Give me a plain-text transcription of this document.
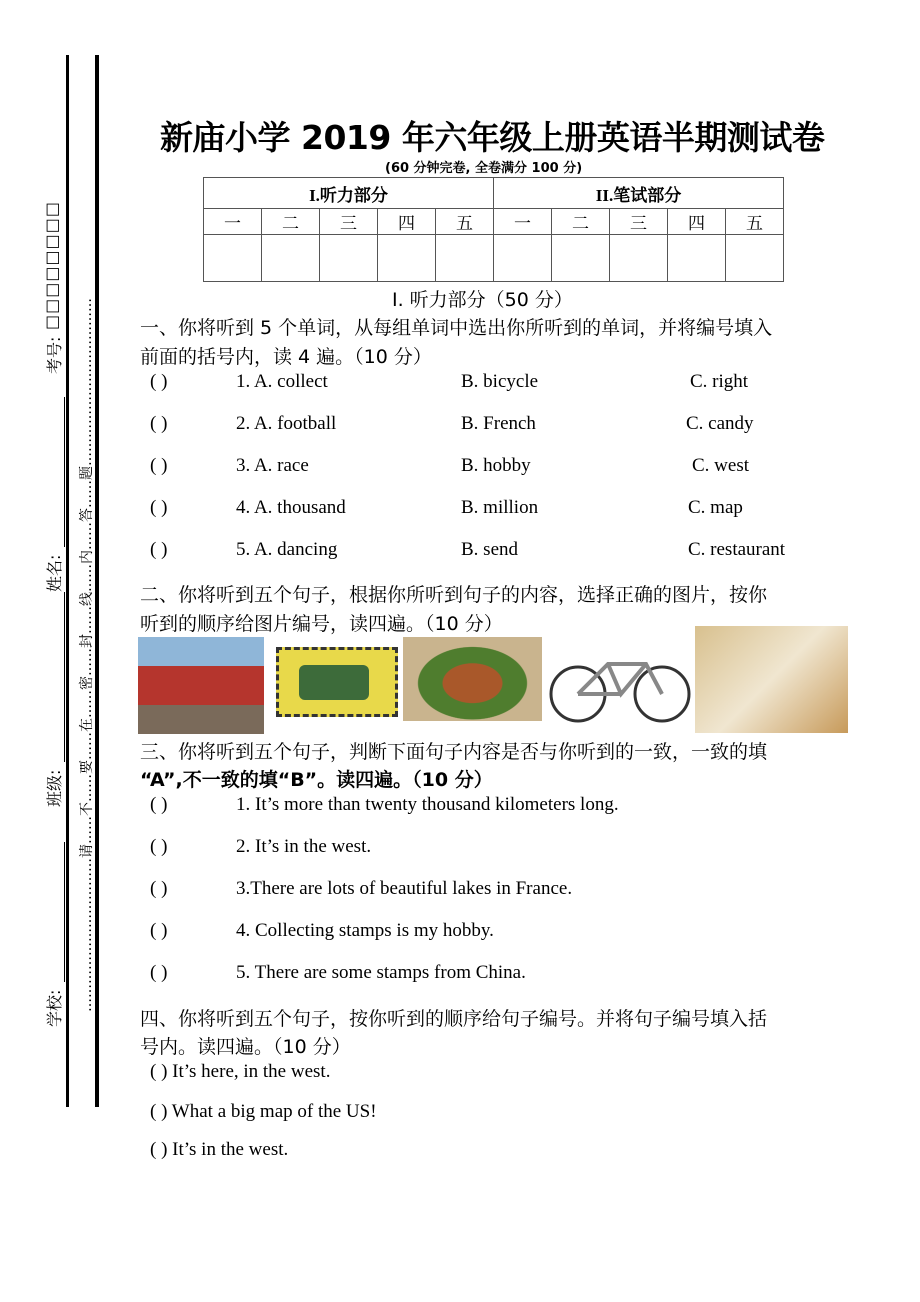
学校:
班级:
姓名:
考号:
□□□□□□□□
……………………………请……不……要……在……密……封……线……内……答……题………………………………
新庙小学 2019 年六年级上册英语半期测试卷
(60 分钟完卷, 全卷满分 100 分)
I.听力部分					II.笔试部分				
一	二	三	四	五	一	二	三	四	五

I. 听力部分（50 分）
一、你将听到 5 个单词，从每组单词中选出你所听到的单词，并将编号填入
前面的括号内，读 4 遍。（10 分）
( )	1. A. collect	B. bicycle	C. right
( )	2. A. football	B. French	C. candy
( )	3. A. race	B. hobby	C. west
( )	4. A. thousand	B. million	C. map
( )	5. A. dancing	B. send	C. restaurant
二、你将听到五个句子，根据你所听到句子的内容，选择正确的图片，按你
听到的顺序给图片编号，读四遍。（10 分）
三、你将听到五个句子，判断下面句子内容是否与你听到的一致，一致的填
“A”,不一致的填“B”。读四遍。（10 分）
( )	1. It’s more than twenty thousand kilometers long.
( )	2. It’s in the west.
( )	3.There are lots of beautiful lakes in France.
( )	4. Collecting stamps is my hobby.
( )	5. There are some stamps from China.
四、你将听到五个句子，按你听到的顺序给句子编号。并将句子编号填入括
号内。读四遍。（10 分）
( ) It’s here, in the west.
( ) What a big map of the US!
( ) It’s in the west.
